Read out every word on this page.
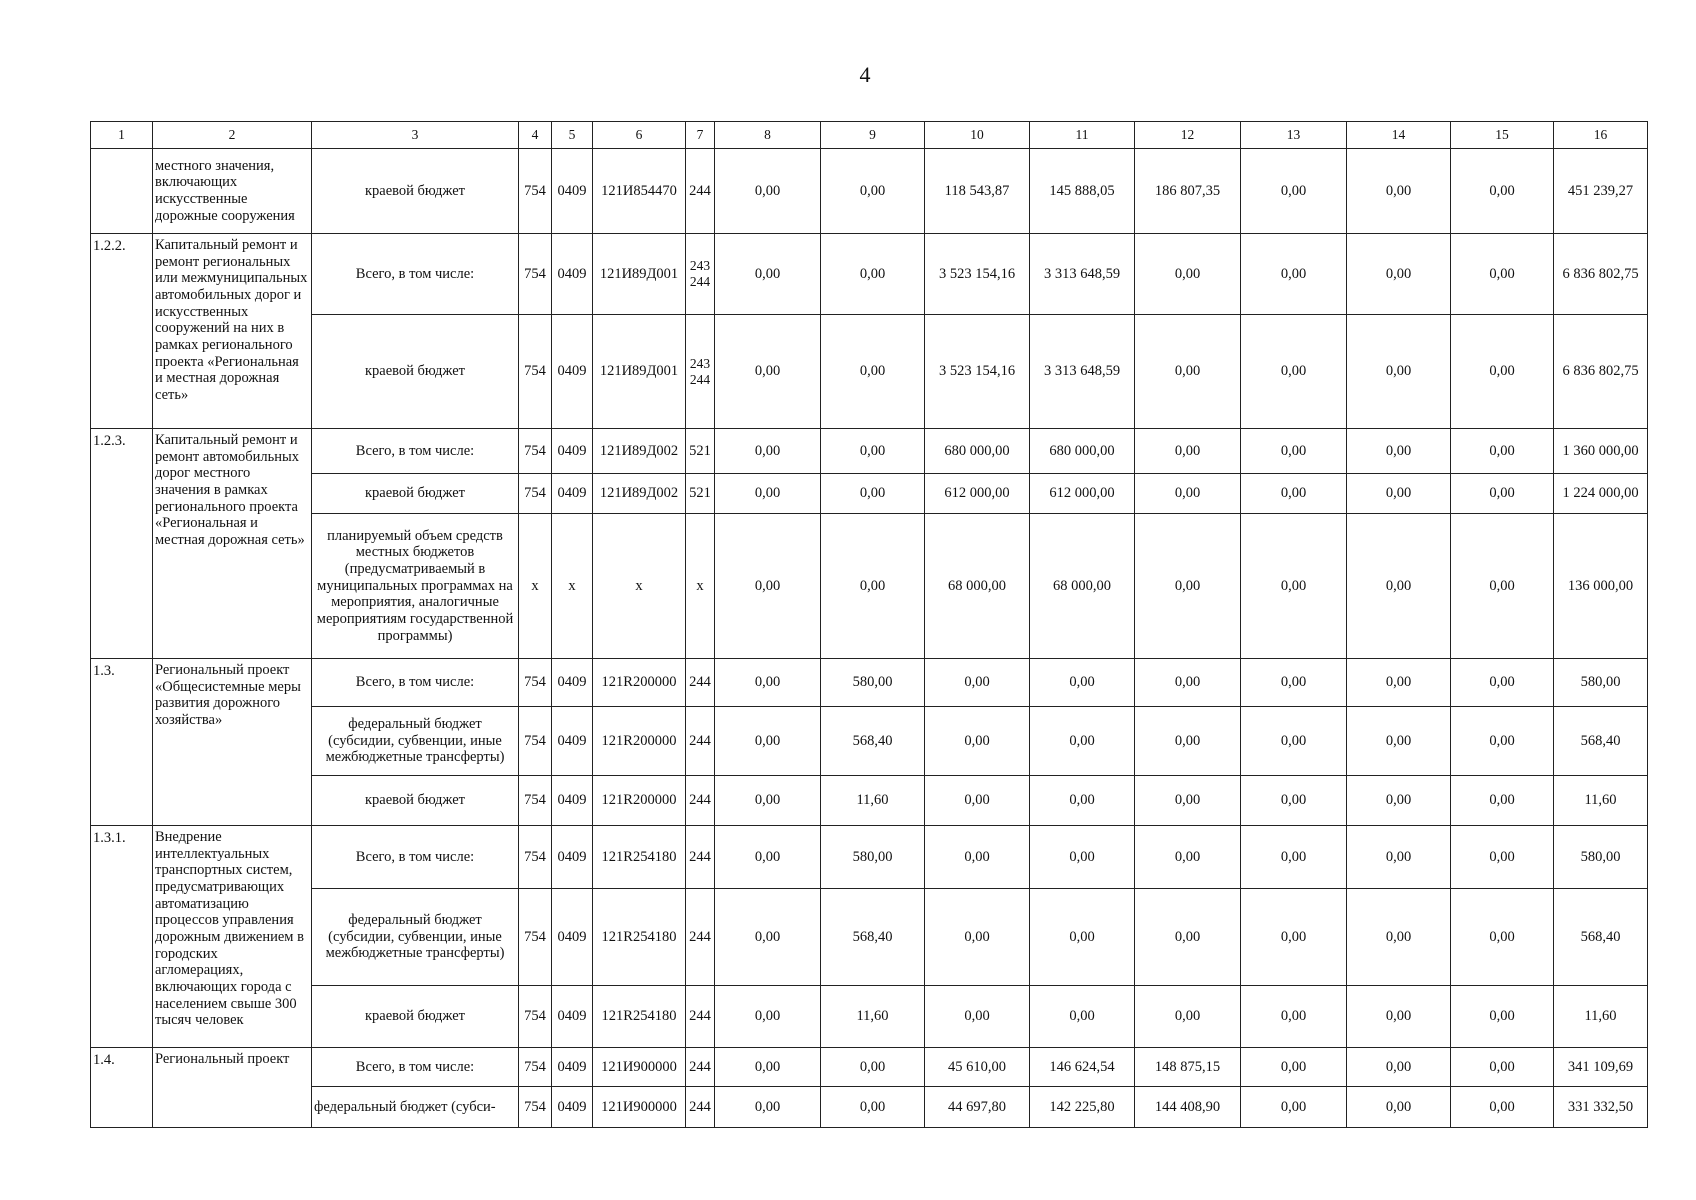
4
1	2	3	4	5	6	7	8	9	10	11	12	13	14	15	16
	местного значения, включающих искусственные дорожные сооружения	краевой бюджет	754	0409	121И854470	244	0,00	0,00	118 543,87	145 888,05	186 807,35	0,00	0,00	0,00	451 239,27
1.2.2.	Капитальный ремонт и ремонт региональных или межмуниципальных автомобильных дорог и искусственных сооружений на них в рамках регионального проекта «Региональная и местная дорожная сеть»	Всего, в том числе:	754	0409	121И89Д001	243 244	0,00	0,00	3 523 154,16	3 313 648,59	0,00	0,00	0,00	0,00	6 836 802,75
		краевой бюджет	754	0409	121И89Д001	243 244	0,00	0,00	3 523 154,16	3 313 648,59	0,00	0,00	0,00	0,00	6 836 802,75
1.2.3.	Капитальный ремонт и ремонт автомобильных дорог местного значения в рамках регионального проекта «Региональная и местная дорожная сеть»	Всего, в том числе:	754	0409	121И89Д002	521	0,00	0,00	680 000,00	680 000,00	0,00	0,00	0,00	0,00	1 360 000,00
		краевой бюджет	754	0409	121И89Д002	521	0,00	0,00	612 000,00	612 000,00	0,00	0,00	0,00	0,00	1 224 000,00
		планируемый объем средств местных бюджетов (предусматриваемый в муниципальных программах на мероприятия, аналогичные мероприятиям государственной программы)	х	х	х	х	0,00	0,00	68 000,00	68 000,00	0,00	0,00	0,00	0,00	136 000,00
1.3.	Региональный проект «Общесистемные меры развития дорожного хозяйства»	Всего, в том числе:	754	0409	121R200000	244	0,00	580,00	0,00	0,00	0,00	0,00	0,00	0,00	580,00
		федеральный бюджет (субсидии, субвенции, иные межбюджетные трансферты)	754	0409	121R200000	244	0,00	568,40	0,00	0,00	0,00	0,00	0,00	0,00	568,40
		краевой бюджет	754	0409	121R200000	244	0,00	11,60	0,00	0,00	0,00	0,00	0,00	0,00	11,60
1.3.1.	Внедрение интеллектуальных транспортных систем, предусматривающих автоматизацию процессов управления дорожным движением в городских агломерациях, включающих города с населением свыше 300 тысяч человек	Всего, в том числе:	754	0409	121R254180	244	0,00	580,00	0,00	0,00	0,00	0,00	0,00	0,00	580,00
		федеральный бюджет (субсидии, субвенции, иные межбюджетные трансферты)	754	0409	121R254180	244	0,00	568,40	0,00	0,00	0,00	0,00	0,00	0,00	568,40
		краевой бюджет	754	0409	121R254180	244	0,00	11,60	0,00	0,00	0,00	0,00	0,00	0,00	11,60
1.4.	Региональный проект	Всего, в том числе:	754	0409	121И900000	244	0,00	0,00	45 610,00	146 624,54	148 875,15	0,00	0,00	0,00	341 109,69
		федеральный бюджет (субси-	754	0409	121И900000	244	0,00	0,00	44 697,80	142 225,80	144 408,90	0,00	0,00	0,00	331 332,50
